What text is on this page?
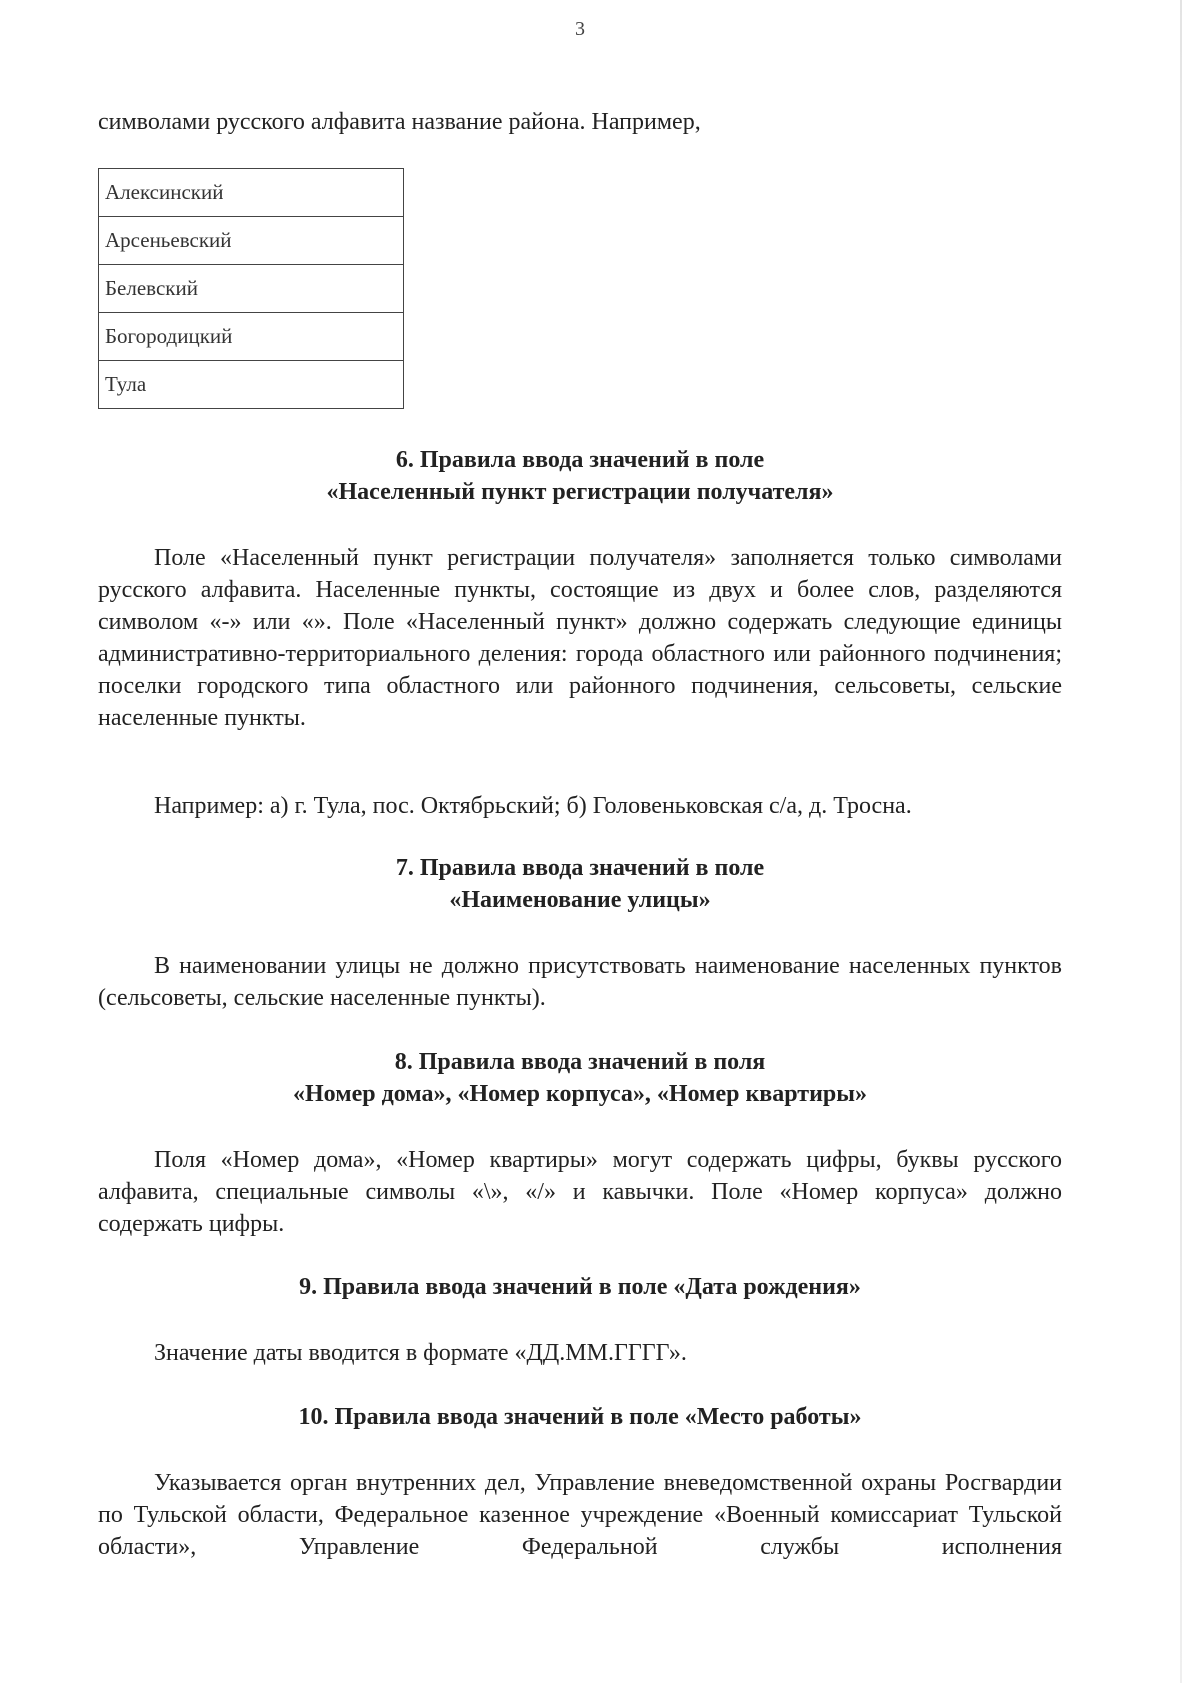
3
символами русского алфавита название района. Например,
Алексинский
Арсеньевский
Белевский
Богородицкий
Тула
6. Правила ввода значений в поле
«Населенный пункт регистрации получателя»
Поле «Населенный пункт регистрации получателя» заполняется только символами русского алфавита. Населенные пункты, состоящие из двух и более слов, разделяются символом «-» или «». Поле «Населенный пункт» должно содержать следующие единицы административно-территориального деления: города областного или районного подчинения; поселки городского типа областного или районного подчинения, сельсоветы, сельские населенные пункты.
Например: а) г. Тула, пос. Октябрьский; б) Головеньковская с/а, д. Тросна.
7. Правила ввода значений в поле
«Наименование улицы»
В наименовании улицы не должно присутствовать наименование населенных пунктов (сельсоветы, сельские населенные пункты).
8. Правила ввода значений в поля
«Номер дома», «Номер корпуса», «Номер квартиры»
Поля «Номер дома», «Номер квартиры» могут содержать цифры, буквы русского алфавита, специальные символы «\», «/» и кавычки. Поле «Номер корпуса» должно содержать цифры.
9. Правила ввода значений в поле «Дата рождения»
Значение даты вводится в формате «ДД.ММ.ГГГГ».
10. Правила ввода значений в поле «Место работы»
Указывается орган внутренних дел, Управление вневедомственной охраны Росгвардии по Тульской области, Федеральное казенное учреждение «Военный комиссариат Тульской области», Управление Федеральной службы исполнения
